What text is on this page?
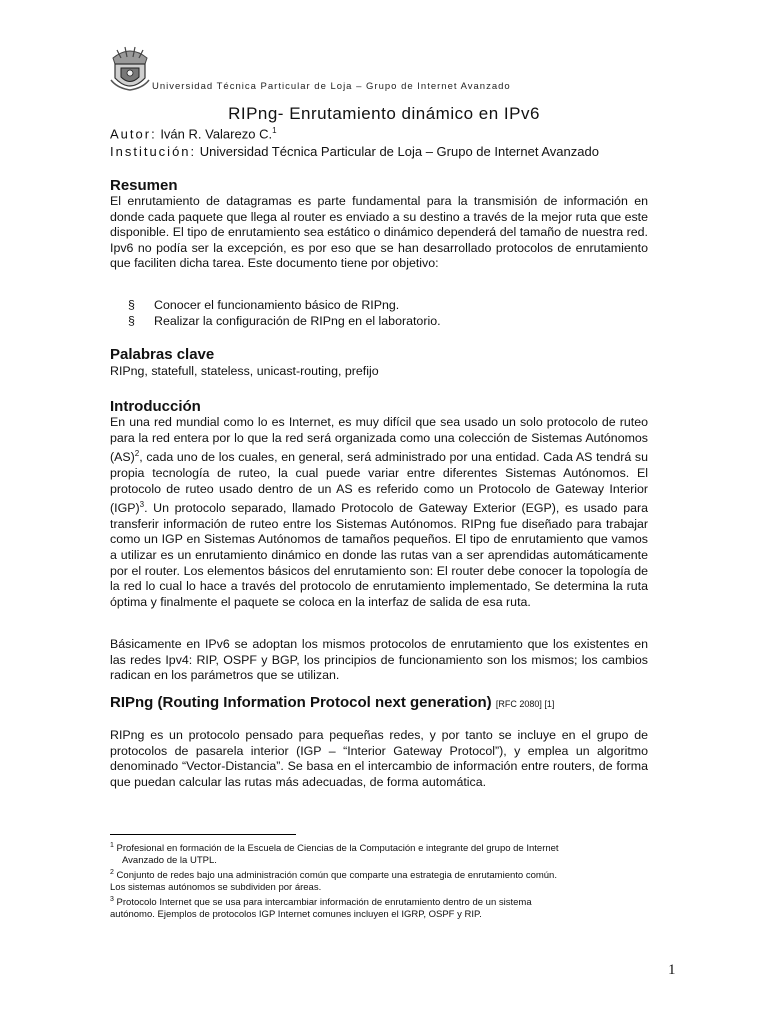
Universidad Técnica Particular de Loja – Grupo de Internet Avanzado
RIPng- Enrutamiento dinámico en IPv6
Autor: Iván R. Valarezo C.$^1$
Institución: Universidad Técnica Particular de Loja – Grupo de Internet Avanzado
Resumen
El enrutamiento de datagramas es parte fundamental para la transmisión de información en donde cada paquete que llega al router es enviado a su destino a través de la mejor ruta que este disponible. El tipo de enrutamiento sea estático o dinámico dependerá del tamaño de nuestra red. Ipv6 no podía ser la excepción, es por eso que se han desarrollado protocolos de enrutamiento que faciliten dicha tarea. Este documento tiene por objetivo:
§	Conocer el funcionamiento básico de RIPng.
§	Realizar la configuración de RIPng en el laboratorio.
Palabras clave
RIPng, statefull, stateless, unicast-routing, prefijo
Introducción
En una red mundial como lo es Internet, es muy difícil que sea usado un solo protocolo de ruteo para la red entera por lo que la red será organizada como una colección de Sistemas Autónomos (AS)$^2$, cada uno de los cuales, en general, será administrado por una entidad. Cada AS tendrá su propia tecnología de ruteo, la cual puede variar entre diferentes Sistemas Autónomos. El protocolo de ruteo usado dentro de un AS es referido como un Protocolo de Gateway Interior (IGP)$^3$. Un protocolo separado, llamado Protocolo de Gateway Exterior (EGP), es usado para transferir información de ruteo entre los Sistemas Autónomos. RIPng fue diseñado para trabajar como un IGP en Sistemas Autónomos de tamaños pequeños. El tipo de enrutamiento que vamos a utilizar es un enrutamiento dinámico en donde las rutas van a ser aprendidas automáticamente por el router. Los elementos básicos del enrutamiento son: El router debe conocer la topología de la red lo cual lo hace a través del protocolo de enrutamiento implementado, Se determina la ruta óptima y finalmente el paquete se coloca en la interfaz de salida de esa ruta.
Básicamente en IPv6 se adoptan los mismos protocolos de enrutamiento que los existentes en las redes Ipv4: RIP, OSPF y BGP, los principios de funcionamiento son los mismos; los cambios radican en los parámetros que se utilizan.
RIPng (Routing Information Protocol next generation) [RFC 2080] [1]
RIPng es un protocolo pensado para pequeñas redes, y por tanto se incluye en el grupo de protocolos de pasarela interior (IGP – “Interior Gateway Protocol”), y emplea un algoritmo denominado “Vector-Distancia”. Se basa en el intercambio de información entre routers, de forma que puedan calcular las rutas más adecuadas, de forma automática.
$^1$ Profesional en formación de la Escuela de Ciencias de la Computación e integrante del grupo de Internet
Avanzado de la UTPL.
$^2$ Conjunto de redes bajo una administración común que comparte una estrategia de enrutamiento común.
Los sistemas autónomos se subdividen por áreas.
$^3$ Protocolo Internet que se usa para intercambiar información de enrutamiento dentro de un sistema
autónomo. Ejemplos de protocolos IGP Internet comunes incluyen el IGRP, OSPF y RIP.
1
